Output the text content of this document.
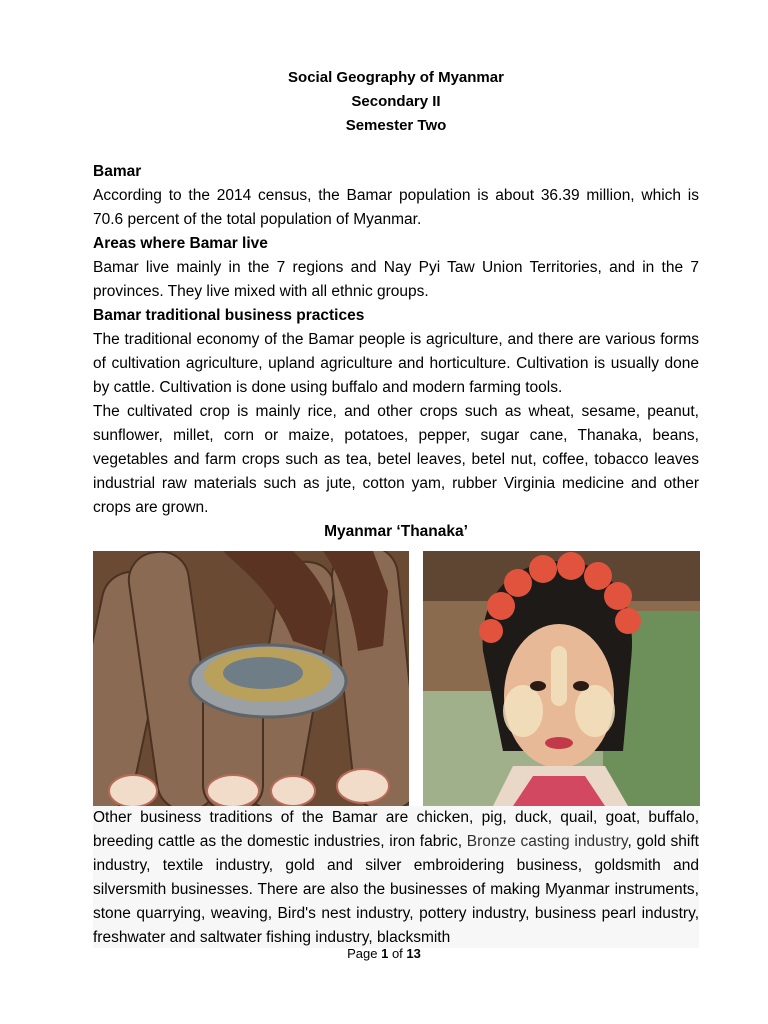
Social Geography of Myanmar
Secondary II
Semester Two

Bamar

According to the 2014 census, the Bamar population is about 36.39 million, which is 70.6 percent of the total population of Myanmar.

Areas where Bamar live

Bamar live mainly in the 7 regions and Nay Pyi Taw Union Territories, and in the 7 provinces. They live mixed with all ethnic groups.

Bamar traditional business practices

The traditional economy of the Bamar people is agriculture, and there are various forms of cultivation agriculture, upland agriculture and horticulture. Cultivation is usually done by cattle. Cultivation is done using buffalo and modern farming tools.

The cultivated crop is mainly rice, and other crops such as wheat, sesame, peanut, sunflower, millet, corn or maize, potatoes, pepper, sugar cane, Thanaka, beans, vegetables and farm crops such as tea, betel leaves, betel nut, coffee, tobacco leaves industrial raw materials such as jute, cotton yam, rubber Virginia medicine and other crops are grown.

Myanmar ‘Thanaka’

Other business traditions of the Bamar are chicken, pig, duck, quail, goat, buffalo, breeding cattle as the domestic industries, iron fabric, Bronze casting industry, gold shift industry, textile industry, gold and silver embroidering business, goldsmith and silversmith businesses. There are also the businesses of making Myanmar instruments, stone quarrying, weaving, Bird's nest industry, pottery industry, business pearl industry, freshwater and saltwater fishing industry, blacksmith
Page 1 of 13
